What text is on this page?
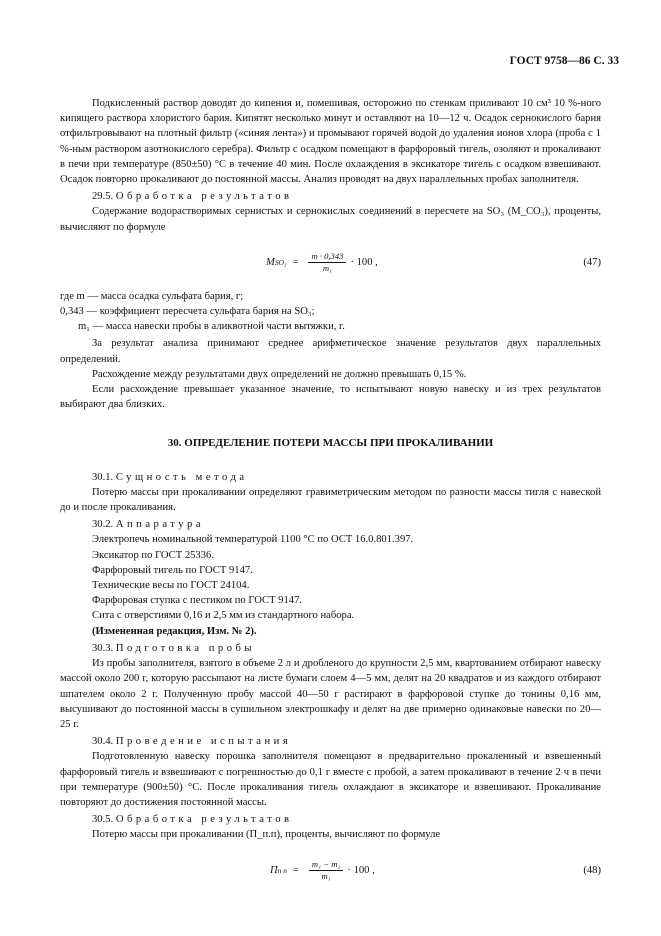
ГОСТ 9758—86 С. 33

Подкисленный раствор доводят до кипения и, помешивая, осторожно по стенкам приливают 10 см³ 10 %-ного кипящего раствора хлористого бария. Кипятят несколько минут и оставляют на 10—12 ч. Осадок сернокислого бария отфильтровывают на плотный фильтр («синяя лента») и промывают горячей водой до удаления ионов хлора (проба с 1 %-ным раствором азотнокислого серебра). Фильтр с осадком помещают в фарфоровый тигель, озоляют и прокаливают в печи при температуре (850±50) °С в течение 40 мин. После охлаждения в эксикаторе тигель с осадком взвешивают. Осадок повторно прокаливают до постоянной массы. Анализ проводят на двух параллельных пробах заполнителя.

29.5. Обработка результатов

Содержание водорастворимых сернистых и сернокислых соединений в пересчете на SO₃ (M_CO₃), проценты, вычисляют по формуле

M $SO_3 = \frac{m \cdot 0,343}{\text{m₁}} \cdot 100$ ,	(47)
где m — масса осадка сульфата бария, г;
0,343 — коэффициент пересчета сульфата бария на SO₃;
m₁ — масса навески пробы в аликвотной части вытяжки, г.

За результат анализа принимают среднее арифметическое значение результатов двух параллельных определений.

Расхождение между результатами двух определений не должно превышать 0,15 %.

Если расхождение превышает указанное значение, то испытывают новую навеску и из трех результатов выбирают два близких.

30. ОПРЕДЕЛЕНИЕ ПОТЕРИ МАССЫ ПРИ ПРОКАЛИВАНИИ

30.1. Сущность метода

Потерю массы при прокаливании определяют гравиметрическим методом по разности массы тигля с навеской до и после прокаливания.

30.2. Аппаратура

Электропечь номинальной температурой 1100 °С по ОСТ 16.0.801.397.

Эксикатор по ГОСТ 25336.

Фарфоровый тигель по ГОСТ 9147.

Технические весы по ГОСТ 24104.

Фарфоровая ступка с пестиком по ГОСТ 9147.

Сита с отверстиями 0,16 и 2,5 мм из стандартного набора.

(Измененная редакция, Изм. № 2).

30.3. Подготовка пробы

Из пробы заполнителя, взятого в объеме 2 л и дробленого до крупности 2,5 мм, квартованием отбирают навеску массой около 200 г, которую рассыпают на листе бумаги слоем 4—5 мм, делят на 20 квадратов и из каждого отбирают шпателем около 2 г. Полученную пробу массой 40—50 г растирают в фарфоровой ступке до тонины 0,16 мм, высушивают до постоянной массы в сушильном электрошкафу и делят на две примерно одинаковые навески по 20—25 г.

30.4. Проведение испытания

Подготовленную навеску порошка заполнителя помещают в предварительно прокаленный и взвешенный фарфоровый тигель и взвешивают с погрешностью до 0,1 г вместе с пробой, а затем прокаливают в течение 2 ч в печи при температуре (900±50) °С. После прокаливания тигель охлаждают в эксикаторе и взвешивают. Прокаливание повторяют до достижения постоянной массы.

30.5. Обработка результатов

Потерю массы при прокаливании (П_п.п), проценты, вычисляют по формуле

П п $п = \frac{\text{m₁ − m₂}}{\text{m₁}} \cdot 100$ ,	(48)
